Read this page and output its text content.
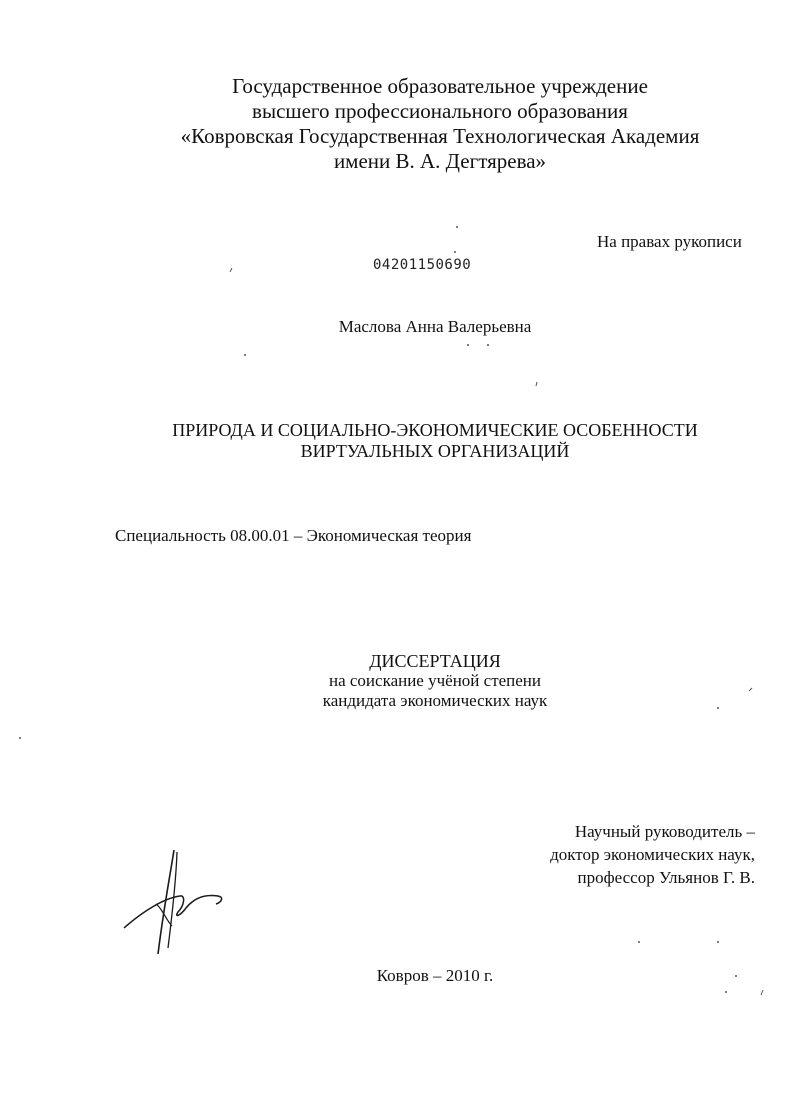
Государственное образовательное учреждение
высшего профессионального образования
«Ковровская Государственная Технологическая Академия
имени В. А. Дегтярева»
На правах рукописи
04201150690
Маслова Анна Валерьевна
ПРИРОДА И СОЦИАЛЬНО-ЭКОНОМИЧЕСКИЕ ОСОБЕННОСТИ
ВИРТУАЛЬНЫХ ОРГАНИЗАЦИЙ
Специальность 08.00.01 – Экономическая теория
ДИССЕРТАЦИЯ
на соискание учёной степени
кандидата экономических наук
Научный руководитель –
доктор экономических наук,
профессор Ульянов Г. В.
Ковров – 2010 г.
